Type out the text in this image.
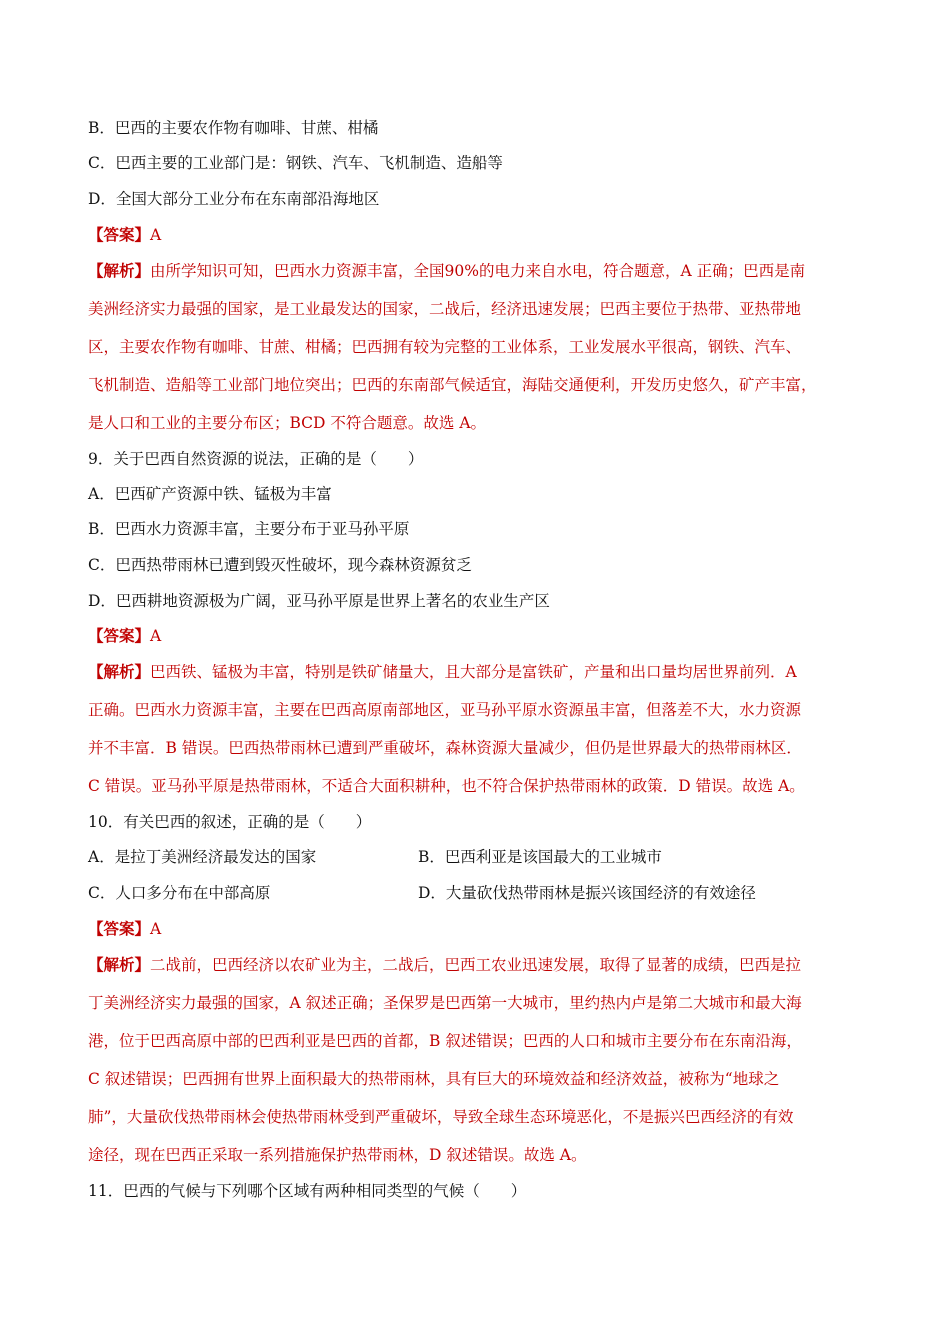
B．巴西的主要农作物有咖啡、甘蔗、柑橘
C．巴西主要的工业部门是：钢铁、汽车、飞机制造、造船等
D．全国大部分工业分布在东南部沿海地区
【答案】A
【解析】由所学知识可知，巴西水力资源丰富，全国90%的电力来自水电，符合题意，A 正确；巴西是南
美洲经济实力最强的国家，是工业最发达的国家，二战后，经济迅速发展；巴西主要位于热带、亚热带地
区，主要农作物有咖啡、甘蔗、柑橘；巴西拥有较为完整的工业体系，工业发展水平很高，钢铁、汽车、
飞机制造、造船等工业部门地位突出；巴西的东南部气候适宜，海陆交通便利，开发历史悠久，矿产丰富，
是人口和工业的主要分布区；BCD 不符合题意。故选 A。
9．关于巴西自然资源的说法，正确的是（　　）
A．巴西矿产资源中铁、锰极为丰富
B．巴西水力资源丰富，主要分布于亚马孙平原
C．巴西热带雨林已遭到毁灭性破坏，现今森林资源贫乏
D．巴西耕地资源极为广阔，亚马孙平原是世界上著名的农业生产区
【答案】A
【解析】巴西铁、锰极为丰富，特别是铁矿储量大，且大部分是富铁矿，产量和出口量均居世界前列．A
正确。巴西水力资源丰富，主要在巴西高原南部地区，亚马孙平原水资源虽丰富，但落差不大，水力资源
并不丰富．B 错误。巴西热带雨林已遭到严重破坏，森林资源大量减少，但仍是世界最大的热带雨林区．
C 错误。亚马孙平原是热带雨林，不适合大面积耕种，也不符合保护热带雨林的政策．D 错误。故选 A。
10．有关巴西的叙述，正确的是（　　）
A．是拉丁美洲经济最发达的国家	B．巴西利亚是该国最大的工业城市
C．人口多分布在中部高原	D．大量砍伐热带雨林是振兴该国经济的有效途径
【答案】A
【解析】二战前，巴西经济以农矿业为主，二战后，巴西工农业迅速发展，取得了显著的成绩，巴西是拉
丁美洲经济实力最强的国家，A 叙述正确；圣保罗是巴西第一大城市，里约热内卢是第二大城市和最大海
港，位于巴西高原中部的巴西利亚是巴西的首都，B 叙述错误；巴西的人口和城市主要分布在东南沿海，
C 叙述错误；巴西拥有世界上面积最大的热带雨林，具有巨大的环境效益和经济效益，被称为“地球之
肺”，大量砍伐热带雨林会使热带雨林受到严重破坏，导致全球生态环境恶化，不是振兴巴西经济的有效
途径，现在巴西正采取一系列措施保护热带雨林，D 叙述错误。故选 A。
11．巴西的气候与下列哪个区域有两种相同类型的气候（　　）
